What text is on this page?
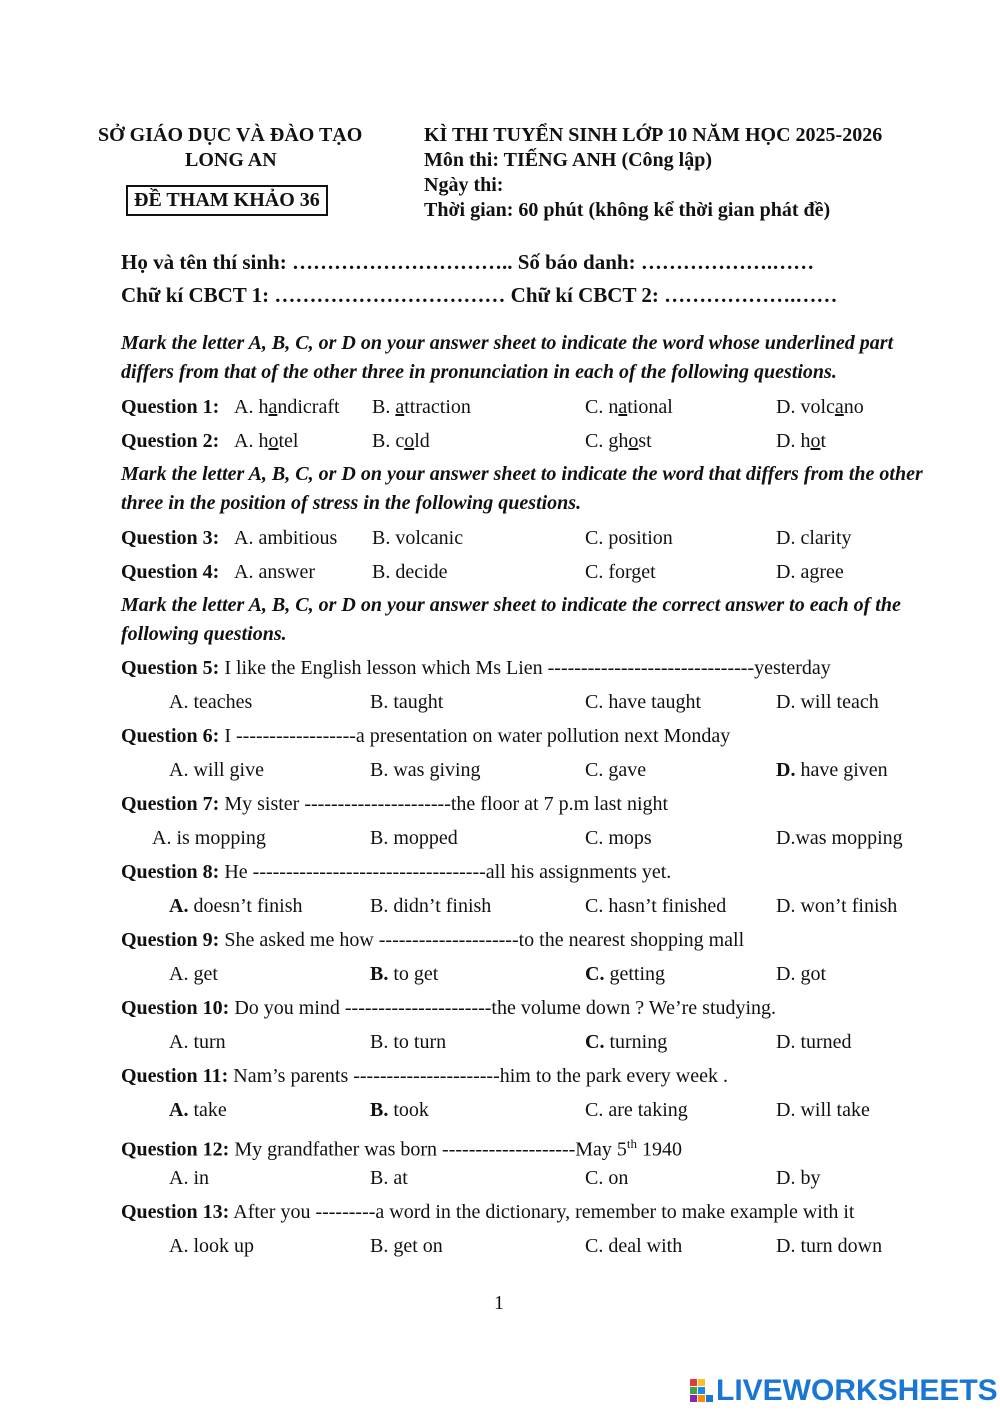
SỞ GIÁO DỤC VÀ ĐÀO TẠO
LONG AN
ĐỀ THAM KHẢO 36
KÌ THI TUYỂN SINH LỚP 10 NĂM HỌC 2025-2026
Môn thi: TIẾNG ANH (Công lập)
Ngày thi:
Thời gian: 60 phút (không kể thời gian phát đề)
Họ và tên thí sinh: ………………………….. Số báo danh: ……………….……
Chữ kí CBCT 1: …………………………… Chữ kí CBCT 2: ……………….……
Mark the letter A, B, C, or D on your answer sheet to indicate the word whose underlined part differs from that of the other three in pronunciation in each of the following questions.
Question 1: A. handicraft B. attraction	C. national	D. volcano
Question 2: A. hotel	B. cold	C. ghost	D. hot
Mark the letter A, B, C, or D on your answer sheet to indicate the word that differs from the other three in the position of stress in the following questions.
Question 3: A. ambitious B. volcanic	C. position	D. clarity
Question 4: A. answer	B. decide	C. forget	D. agree
Mark the letter A, B, C, or D on your answer sheet to indicate the correct answer to each of the following questions.
Question 5: I like the English lesson which Ms Lien -------------------------------yesterday
A. teaches	B. taught	C. have taught	D. will teach
Question 6: I ------------------a presentation on water pollution next Monday
A. will give	B. was giving	C. gave	D. have given
Question 7: My sister ----------------------the floor at 7 p.m last night
A. is mopping	B. mopped	C. mops	D.was mopping
Question 8: He -----------------------------------all his assignments yet.
A. doesn’t finish	B. didn’t finish	C. hasn’t finished D. won’t finish
Question 9: She asked me how ---------------------to the nearest shopping mall
A. get	B. to get	C. getting	D. got
Question 10: Do you mind ----------------------the volume down ? We’re studying.
A. turn	B. to turn	C. turning	D. turned
Question 11: Nam’s parents ----------------------him to the park every week .
A. take	B. took	C. are taking	D. will take
Question 12: My grandfather was born --------------------May 5th 1940
A. in	B. at	C. on	D. by
Question 13: After you ---------a word in the dictionary, remember to make example with it
A. look up	B. get on	C. deal with	D. turn down
1
LIVEWORKSHEETS
